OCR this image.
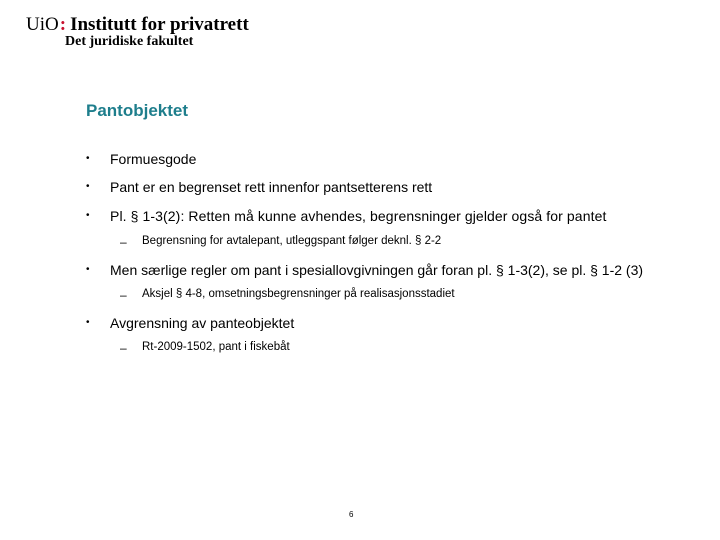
UiO : Institutt for privatrett
Det juridiske fakultet
Pantobjektet
• Formuesgode
• Pant er en begrenset rett innenfor pantsetterens rett
• Pl. § 1-3(2): Retten må kunne avhendes, begrensninger gjelder også for pantet
– Begrensning for avtalepant, utleggspant følger deknl. § 2-2
• Men særlige regler om pant i spesiallovgivningen går foran pl. § 1-3(2), se pl. § 1-2 (3)
– Aksjel § 4-8, omsetningsbegrensninger på realisasjonsstadiet
• Avgrensning av panteobjektet
– Rt-2009-1502, pant i fiskebåt
6
